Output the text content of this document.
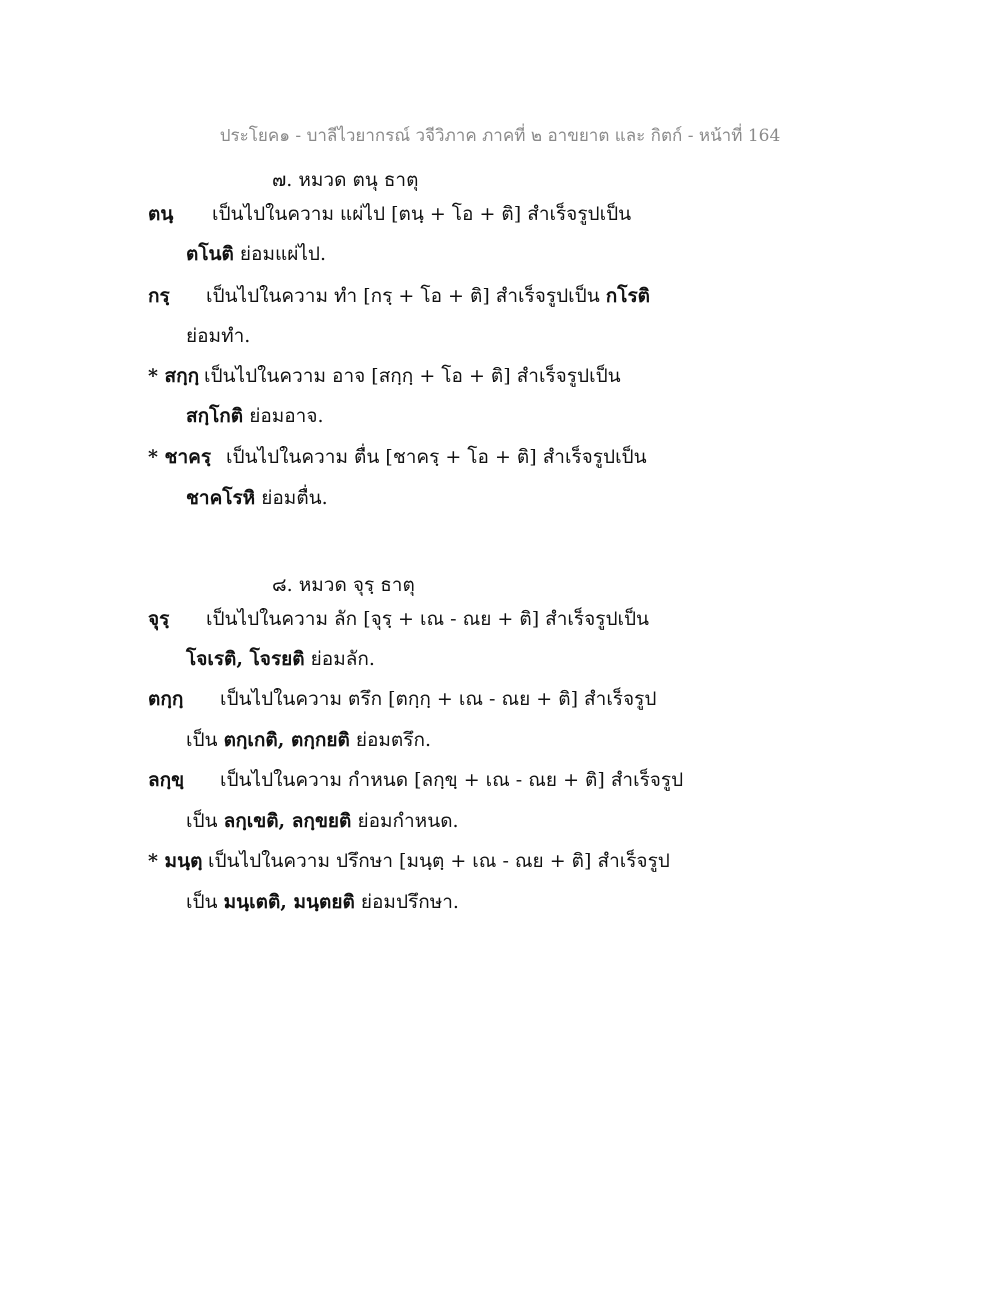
ประโยค๑ - บาลีไวยากรณ์ วจีวิภาค ภาคที่ ๒ อาขยาต และ กิตก์ - หน้าที่ 164
๗. หมวด ตนุ ธาตุ
ตนฺ เป็นไปในความ แผ่ไป [ตนฺ + โอ + ติ] สำเร็จรูปเป็น
ตโนติ ย่อมแผ่ไป.
กรฺ เป็นไปในความ ทำ [กรฺ + โอ + ติ] สำเร็จรูปเป็น กโรติ
ย่อมทำ.
* สกฺกฺ เป็นไปในความ อาจ [สกฺกฺ + โอ + ติ] สำเร็จรูปเป็น
สกฺโกติ ย่อมอาจ.
* ชาครฺ เป็นไปในความ ตื่น [ชาครฺ + โอ + ติ] สำเร็จรูปเป็น
ชาคโรหิ ย่อมตื่น.
๘. หมวด จุรฺ ธาตุ
จุรฺ เป็นไปในความ ลัก [จุรฺ + เณ - ณย + ติ] สำเร็จรูปเป็น
โจเรติ, โจรยติ ย่อมลัก.
ตกฺกฺ เป็นไปในความ ตรึก [ตกฺกฺ + เณ - ณย + ติ] สำเร็จรูป
เป็น ตกฺเกติ, ตกฺกยติ ย่อมตรึก.
ลกฺขฺ เป็นไปในความ กำหนด [ลกฺขฺ + เณ - ณย + ติ] สำเร็จรูป
เป็น ลกฺเขติ, ลกฺขยติ ย่อมกำหนด.
* มนฺตฺ เป็นไปในความ ปรึกษา [มนฺตฺ + เณ - ณย + ติ] สำเร็จรูป
เป็น มนฺเตติ, มนฺตยติ ย่อมปรึกษา.
